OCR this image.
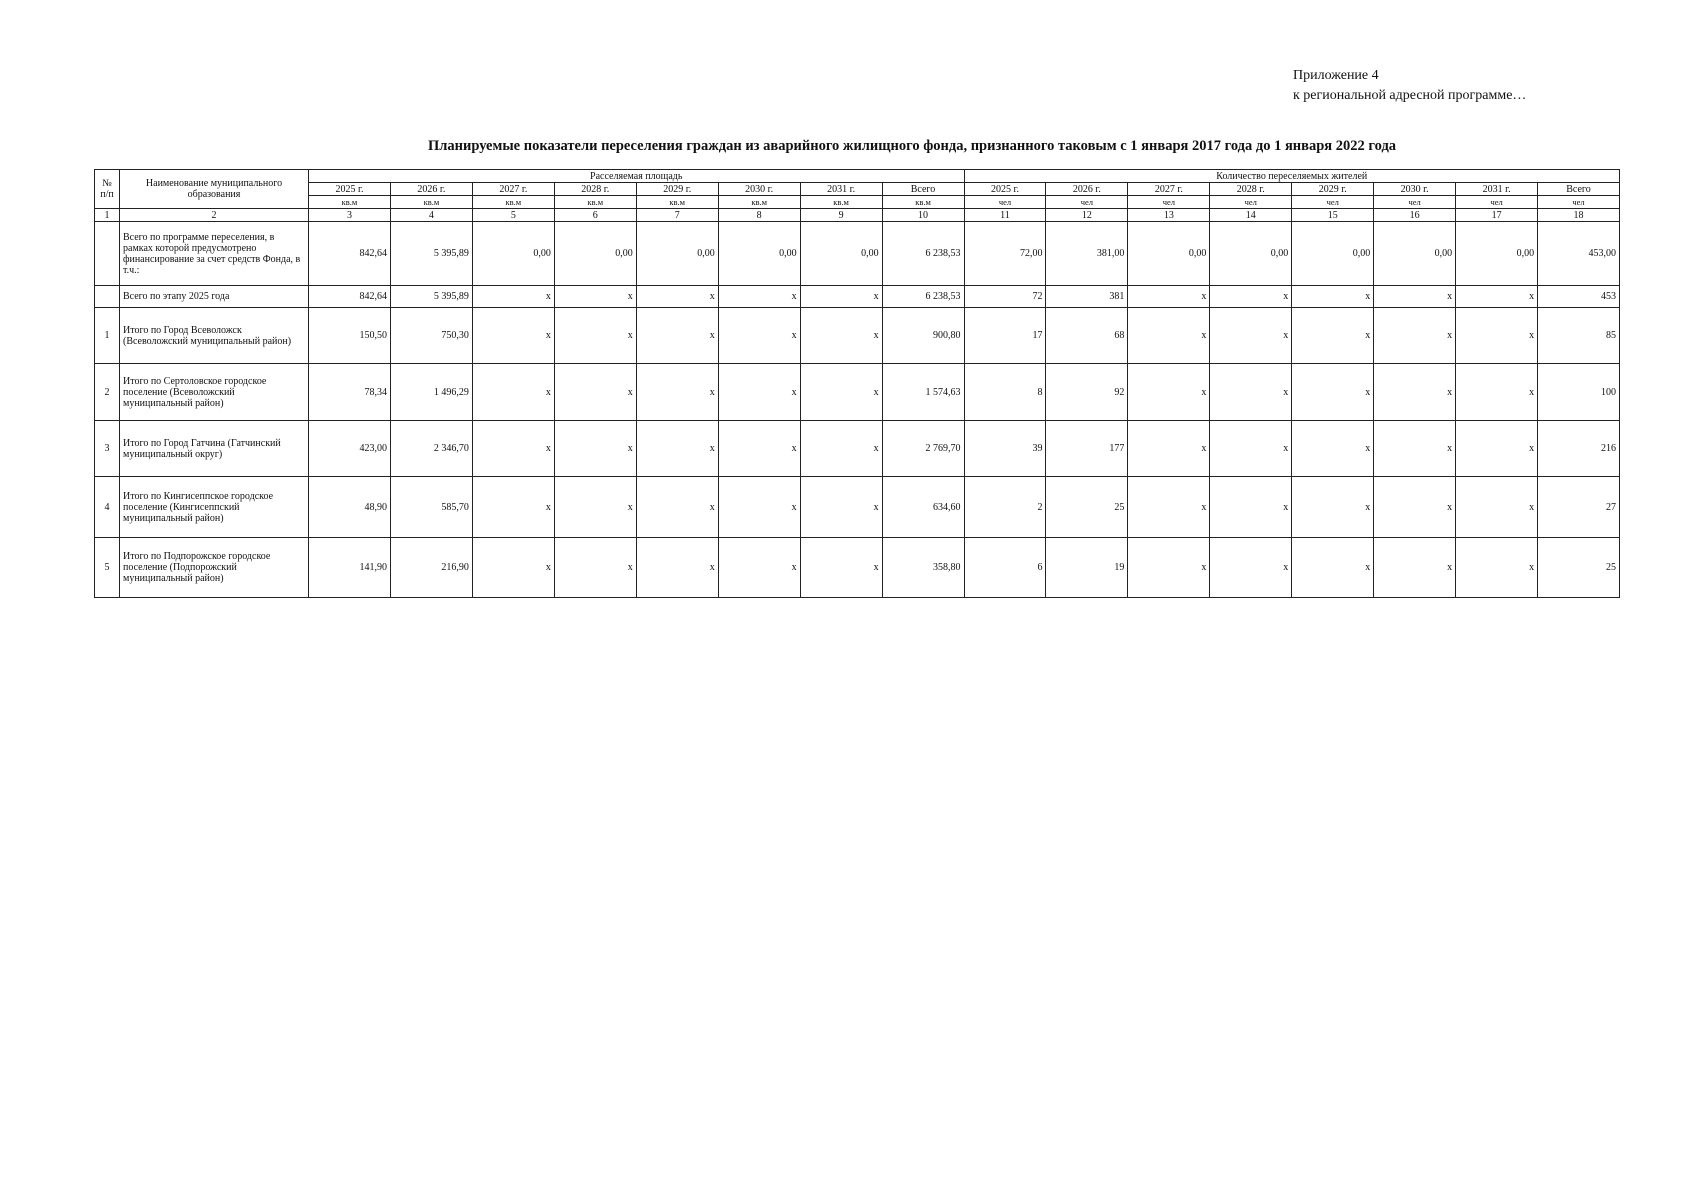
Приложение 4
к региональной адресной программе…
Планируемые показатели переселения граждан из аварийного жилищного фонда, признанного таковым с 1 января 2017 года до 1 января 2022 года
№ п/п	Наименование муниципального образования	Расселяемая площадь								Количество переселяемых жителей							
		2025 г.	2026 г.	2027 г.	2028 г.	2029 г.	2030 г.	2031 г.	Всего	2025 г.	2026 г.	2027 г.	2028 г.	2029 г.	2030 г.	2031 г.	Всего
		кв.м	кв.м	кв.м	кв.м	кв.м	кв.м	кв.м	кв.м	чел	чел	чел	чел	чел	чел	чел	чел
1	2	3	4	5	6	7	8	9	10	11	12	13	14	15	16	17	18
	Всего по программе переселения, в рамках которой предусмотрено финансирование за счет средств Фонда, в т.ч.:	842,64	5 395,89	0,00	0,00	0,00	0,00	0,00	6 238,53	72,00	381,00	0,00	0,00	0,00	0,00	0,00	453,00
	Всего по этапу 2025 года	842,64	5 395,89	x	x	x	x	x	6 238,53	72	381	x	x	x	x	x	453
1	Итого по Город Всеволожск (Всеволожский муниципальный район)	150,50	750,30	x	x	x	x	x	900,80	17	68	x	x	x	x	x	85
2	Итого по Сертоловское городское поселение (Всеволожский муниципальный район)	78,34	1 496,29	x	x	x	x	x	1 574,63	8	92	x	x	x	x	x	100
3	Итого по Город Гатчина (Гатчинский муниципальный округ)	423,00	2 346,70	x	x	x	x	x	2 769,70	39	177	x	x	x	x	x	216
4	Итого по Кингисеппское городское поселение (Кингисеппский муниципальный район)	48,90	585,70	x	x	x	x	x	634,60	2	25	x	x	x	x	x	27
5	Итого по Подпорожское городское поселение (Подпорожский муниципальный район)	141,90	216,90	x	x	x	x	x	358,80	6	19	x	x	x	x	x	25
